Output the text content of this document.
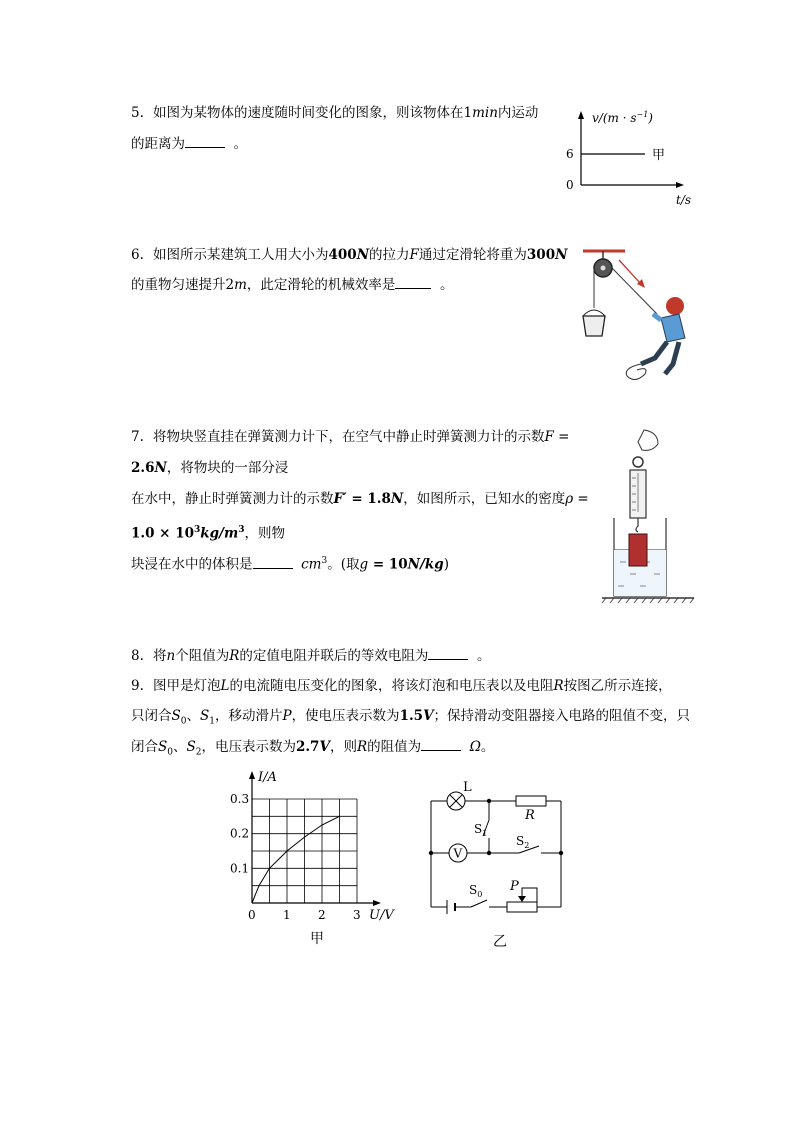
5. 如图为某物体的速度随时间变化的图象，则该物体在1min内运动
的距离为	。
$v/(m \cdot s^{-1})$
6
0
甲
t/s
6. 如图所示某建筑工人用大小为400N的拉力F通过定滑轮将重为300N
的重物匀速提升2m，此定滑轮的机械效率是	。
7. 将物块竖直挂在弹簧测力计下，在空气中静止时弹簧测力计的示数F =
2.6N，将物块的一部分浸
在水中，静止时弹簧测力计的示数F′ = 1.8N，如图所示，已知水的密度ρ =
$1.0 \times 10^3kg/m^3$，则物
块浸在水中的体积是	$cm^3$。(取g = 10N/kg)
8. 将n个阻值为R的定值电阻并联后的等效电阻为	。
9. 图甲是灯泡L的电流随电压变化的图象，将该灯泡和电压表以及电阻R按图乙所示连接，
只闭合$S_0$、$S_1$，移动滑片P，使电压表示数为1.5V；保持滑动变阻器接入电路的阻值不变，只
闭合$S_0$、$S_2$，电压表示数为2.7V，则R的阻值为	Ω。
0.3
0.2
0.1
0 1 2 3
I/A
U/V
甲
V
L
R
$S_1$
$S_2$
$S_0$
P
乙
